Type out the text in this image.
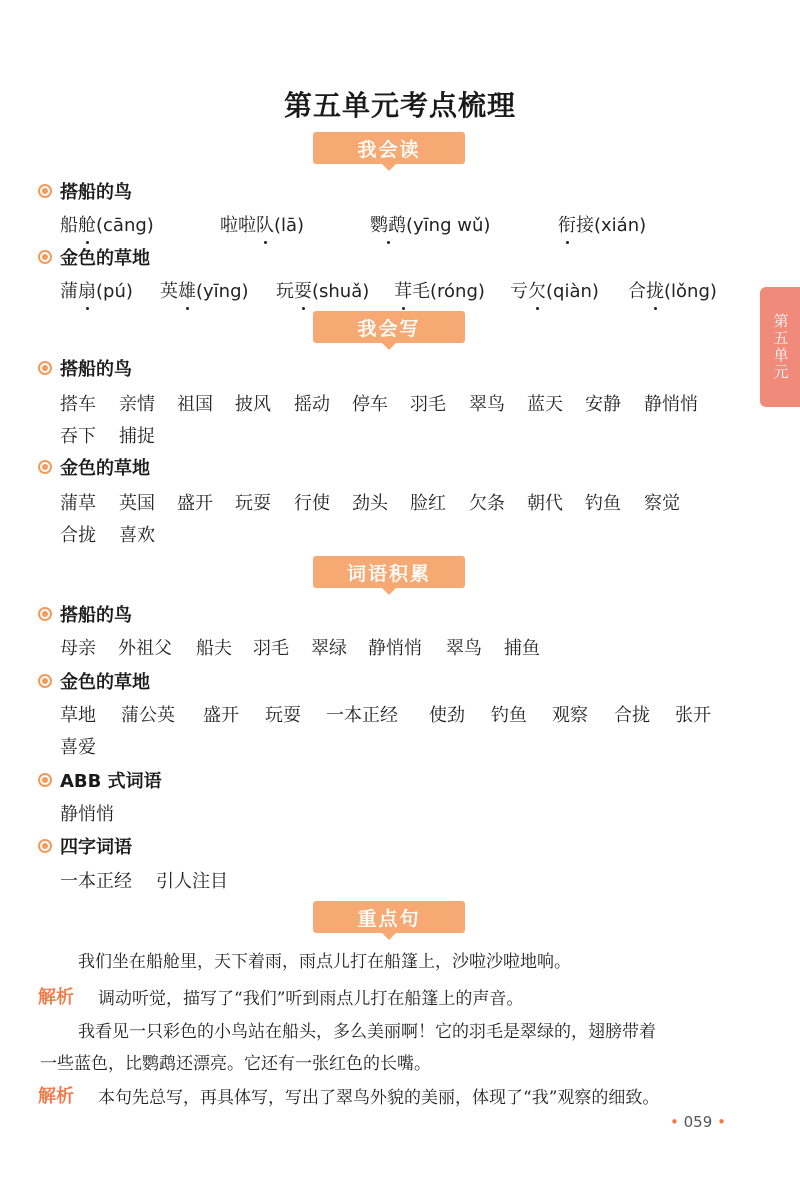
第五单元考点梳理
第五单元
我会读
搭船的鸟
船舱(cāng)	啦啦队(lā)	鹦鹉(yīng wǔ)	衔接(xián)
金色的草地
蒲扇(pú)	英雄(yīng)	玩耍(shuǎ)	茸毛(róng)	亏欠(qiàn)	合拢(lǒng)
我会写
搭船的鸟
搭车	亲情	祖国	披风	摇动	停车	羽毛	翠鸟	蓝天	安静	静悄悄
吞下	捕捉
金色的草地
蒲草	英国	盛开	玩耍	行使	劲头	脸红	欠条	朝代	钓鱼	察觉
合拢	喜欢
词语积累
搭船的鸟
母亲	外祖父	船夫	羽毛	翠绿	静悄悄	翠鸟	捕鱼
金色的草地
草地	蒲公英	盛开	玩耍	一本正经	使劲	钓鱼	观察	合拢	张开
喜爱
ABB 式词语
静悄悄
四字词语
一本正经	引人注目
重点句
我们坐在船舱里，天下着雨，雨点儿打在船篷上，沙啦沙啦地响。
解析 调动听觉，描写了“我们”听到雨点儿打在船篷上的声音。
我看见一只彩色的小鸟站在船头，多么美丽啊！它的羽毛是翠绿的，翅膀带着
一些蓝色，比鹦鹉还漂亮。它还有一张红色的长嘴。
解析 本句先总写，再具体写，写出了翠鸟外貌的美丽，体现了“我”观察的细致。
• 059 •
